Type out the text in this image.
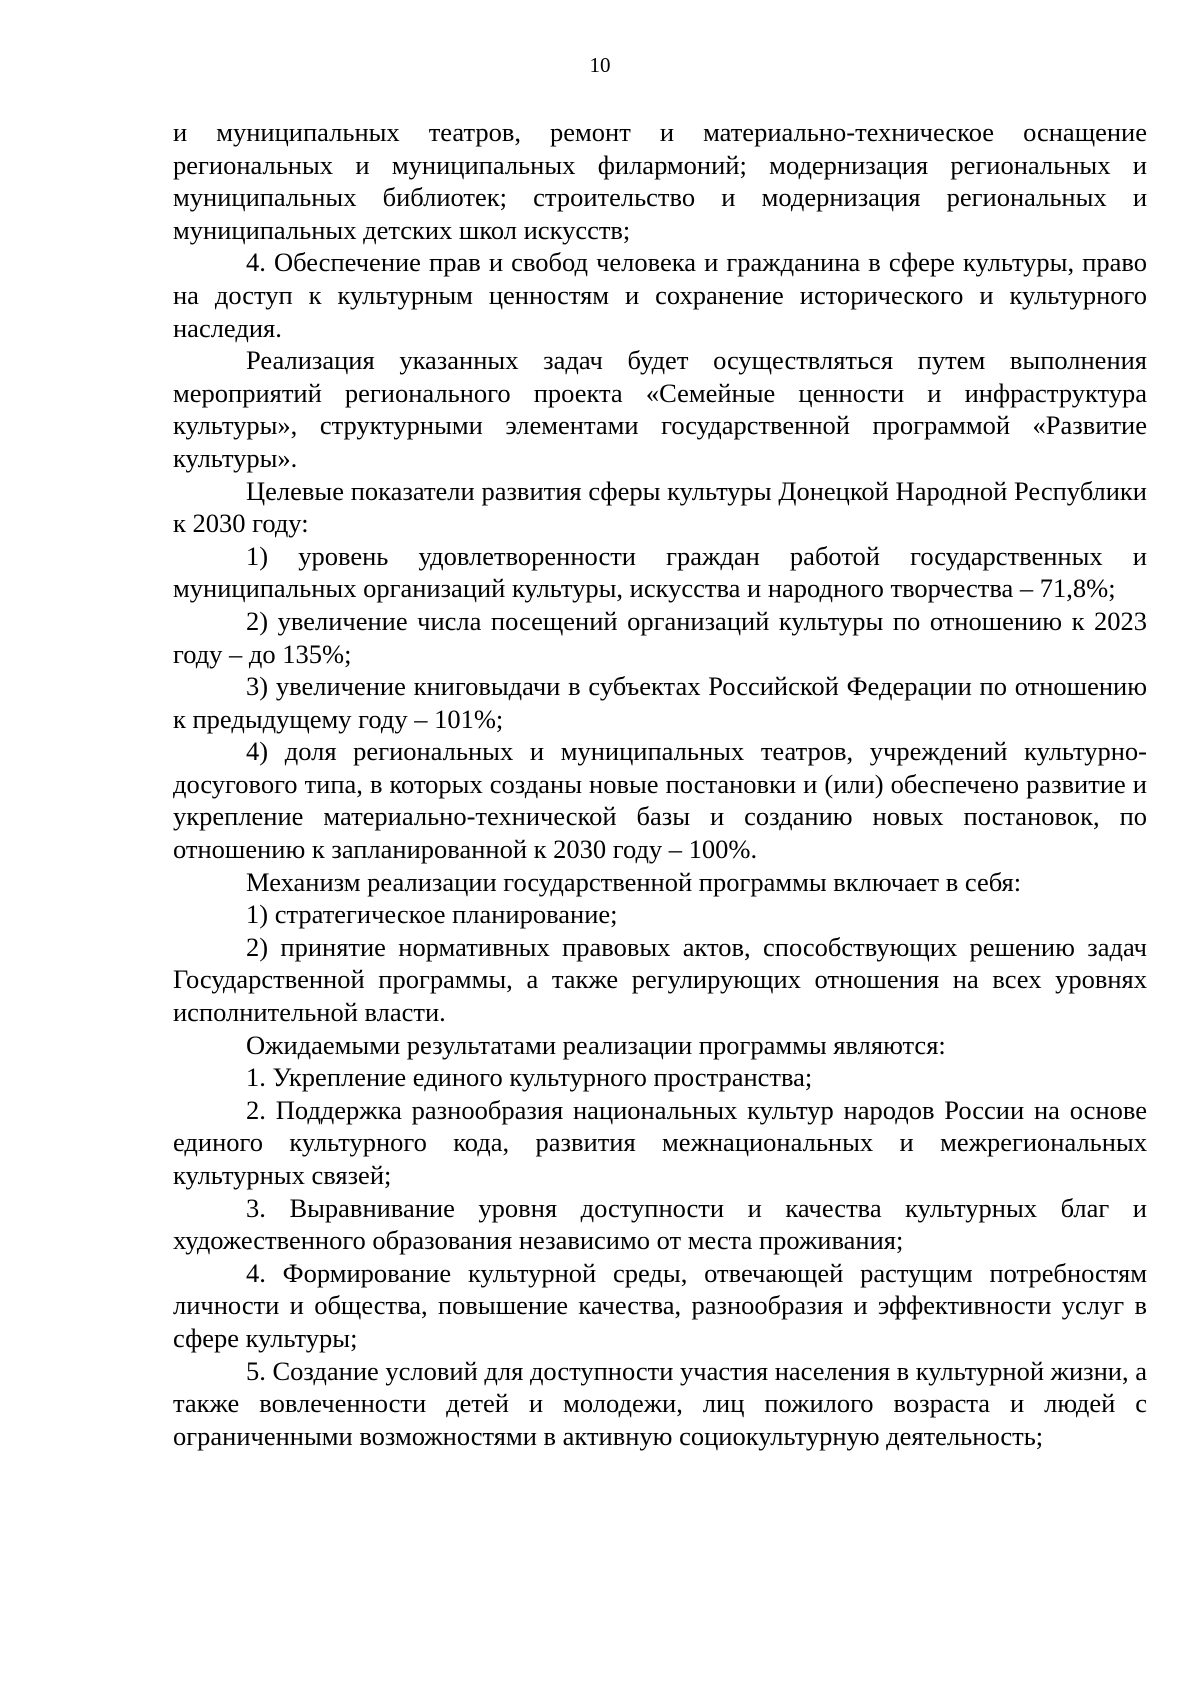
10

и муниципальных театров, ремонт и материально-техническое оснащение региональных и муниципальных филармоний; модернизация региональных и муниципальных библиотек; строительство и модернизация региональных и муниципальных детских школ искусств;

4. Обеспечение прав и свобод человека и гражданина в сфере культуры, право на доступ к культурным ценностям и сохранение исторического и культурного наследия.

Реализация указанных задач будет осуществляться путем выполнения мероприятий регионального проекта «Семейные ценности и инфраструктура культуры», структурными элементами государственной программой «Развитие культуры».

Целевые показатели развития сферы культуры Донецкой Народной Республики к 2030 году:

1) уровень удовлетворенности граждан работой государственных и муниципальных организаций культуры, искусства и народного творчества – 71,8%;

2) увеличение числа посещений организаций культуры по отношению к 2023 году – до 135%;

3) увеличение книговыдачи в субъектах Российской Федерации по отношению к предыдущему году – 101%;

4) доля региональных и муниципальных театров, учреждений культурно-досугового типа, в которых созданы новые постановки и (или) обеспечено развитие и укрепление материально-технической базы и созданию новых постановок, по отношению к запланированной к 2030 году – 100%.

Механизм реализации государственной программы включает в себя:

1) стратегическое планирование;

2) принятие нормативных правовых актов, способствующих решению задач Государственной программы, а также регулирующих отношения на всех уровнях исполнительной власти.

Ожидаемыми результатами реализации программы являются:

1. Укрепление единого культурного пространства;

2. Поддержка разнообразия национальных культур народов России на основе единого культурного кода, развития межнациональных и межрегиональных культурных связей;

3. Выравнивание уровня доступности и качества культурных благ и художественного образования независимо от места проживания;

4. Формирование культурной среды, отвечающей растущим потребностям личности и общества, повышение качества, разнообразия и эффективности услуг в сфере культуры;

5. Создание условий для доступности участия населения в культурной жизни, а также вовлеченности детей и молодежи, лиц пожилого возраста и людей с ограниченными возможностями в активную социокультурную деятельность;
